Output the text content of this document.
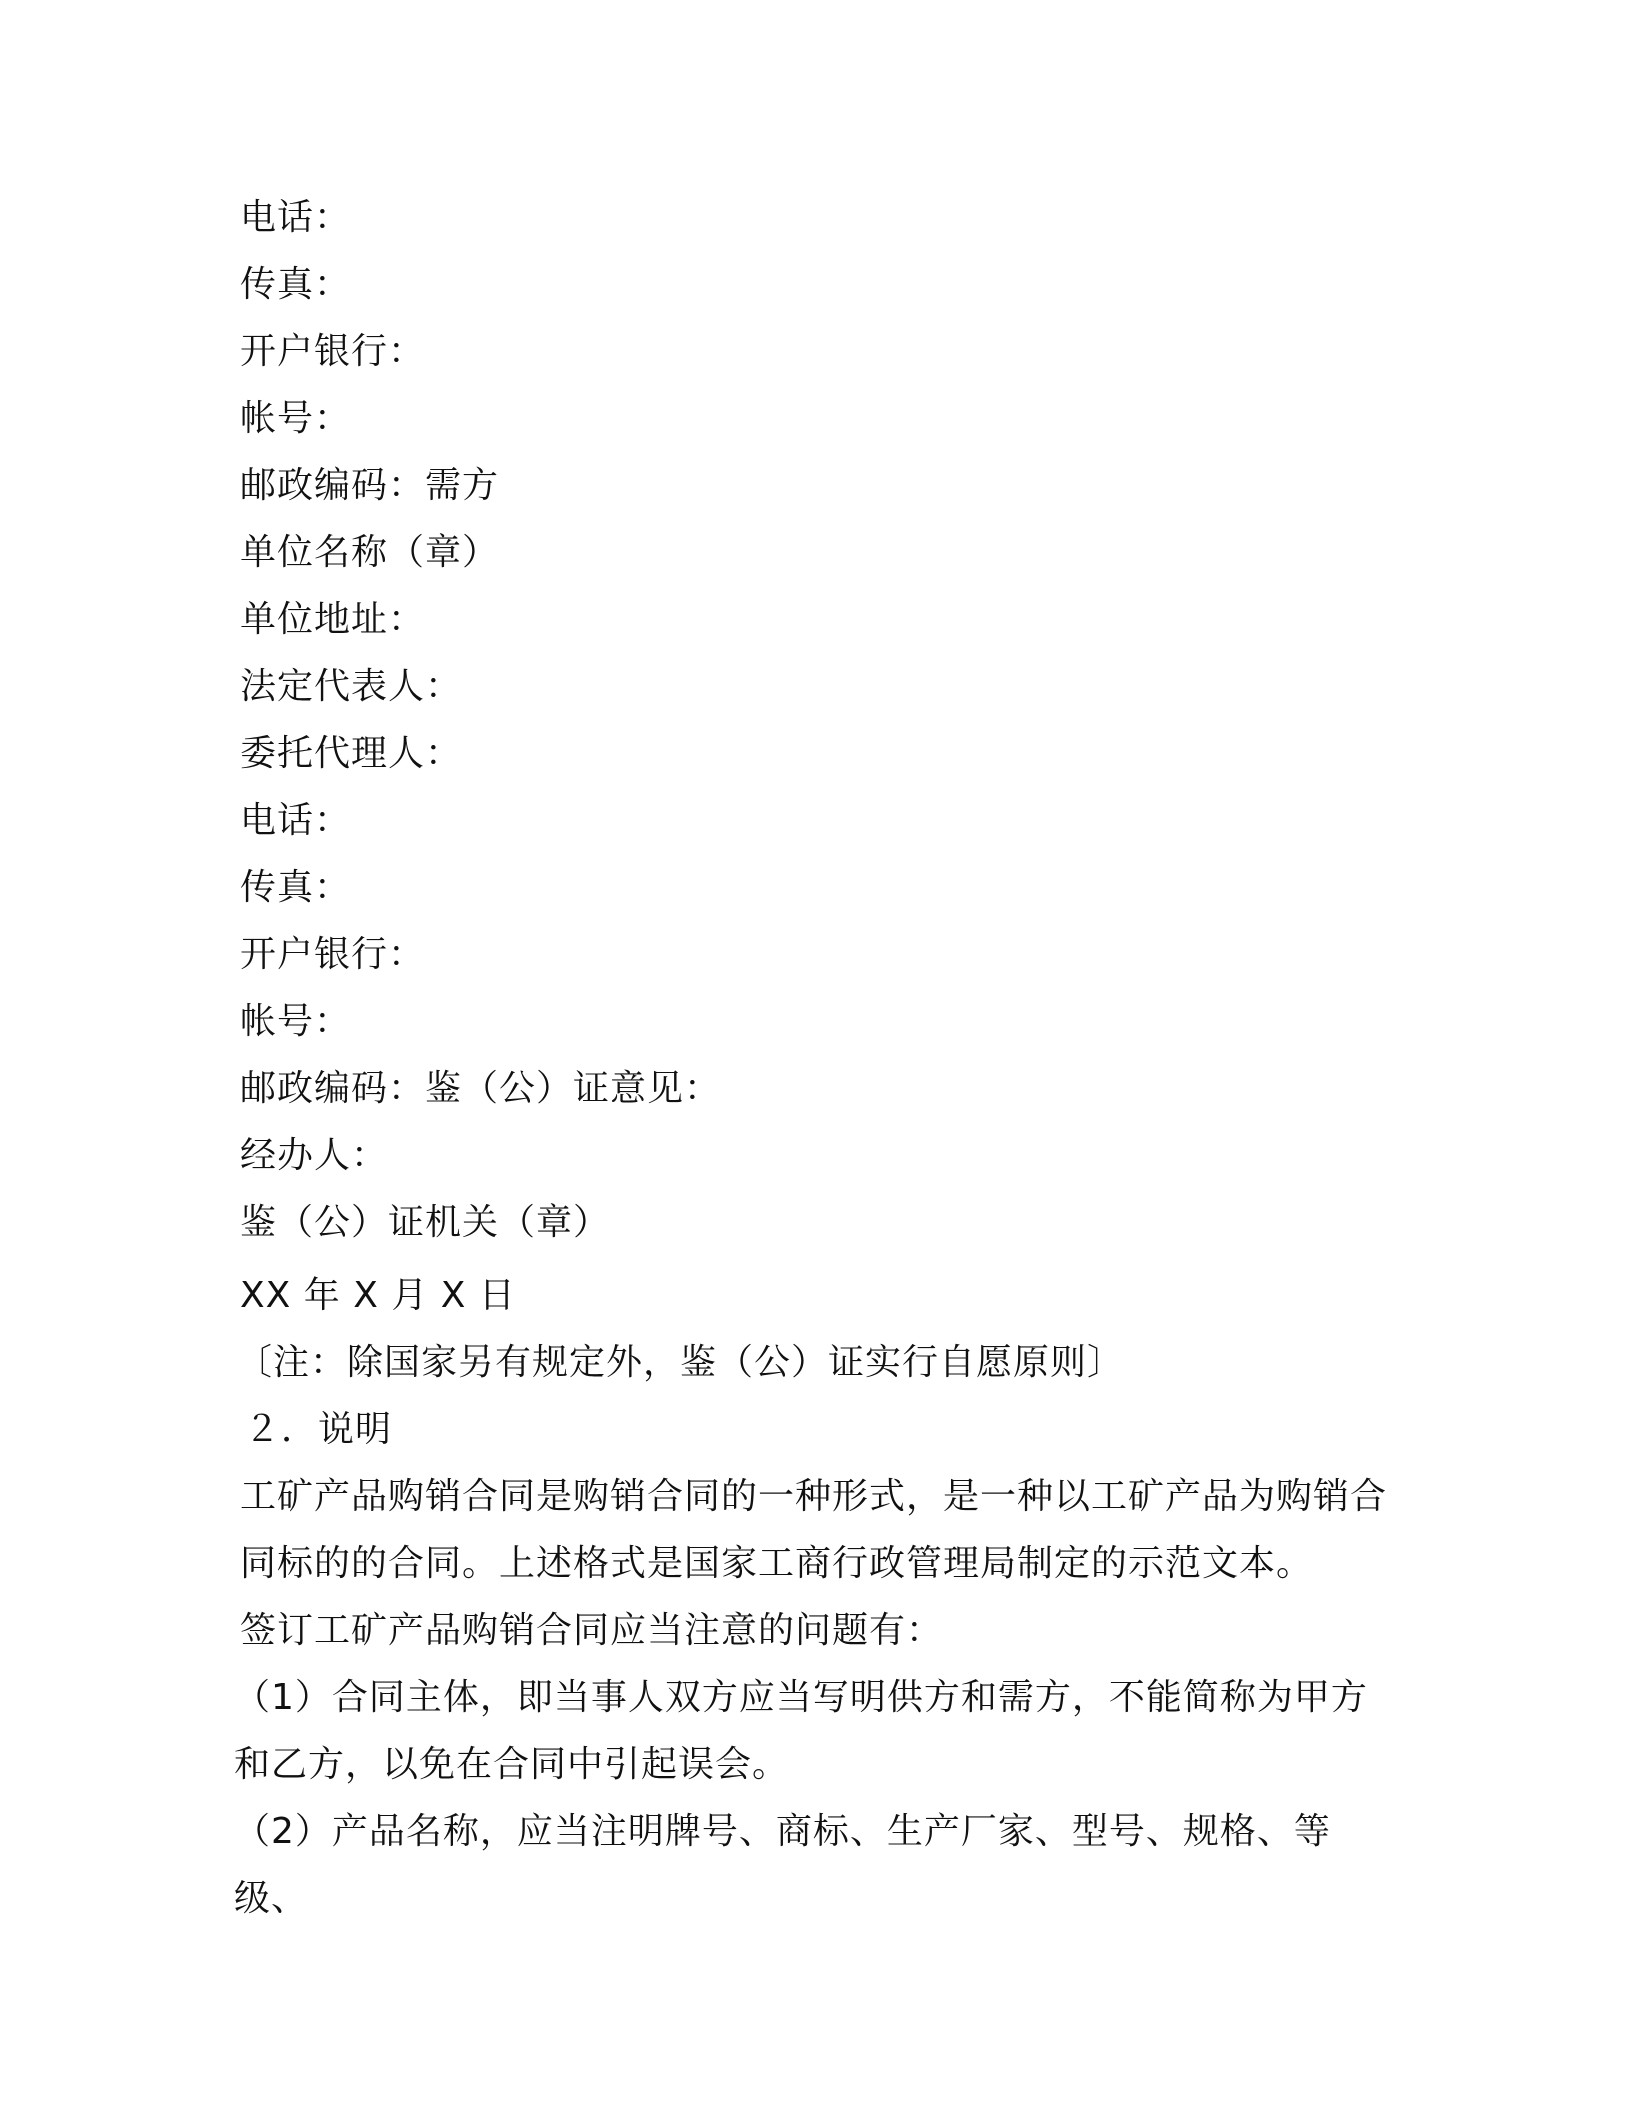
电话：
传真：
开户银行：
帐号：
邮政编码：需方
单位名称（章）
单位地址：
法定代表人：
委托代理人：
电话：
传真：
开户银行：
帐号：
邮政编码：鉴（公）证意见：
经办人：
鉴（公）证机关（章）
XX 年 X 月 X 日
〔注：除国家另有规定外，鉴（公）证实行自愿原则〕
２．说明
工矿产品购销合同是购销合同的一种形式，是一种以工矿产品为购销合同标的的合同。上述格式是国家工商行政管理局制定的示范文本。
签订工矿产品购销合同应当注意的问题有：
（1）合同主体，即当事人双方应当写明供方和需方，不能简称为甲方和乙方，以免在合同中引起误会。
（2）产品名称，应当注明牌号、商标、生产厂家、型号、规格、等级、
